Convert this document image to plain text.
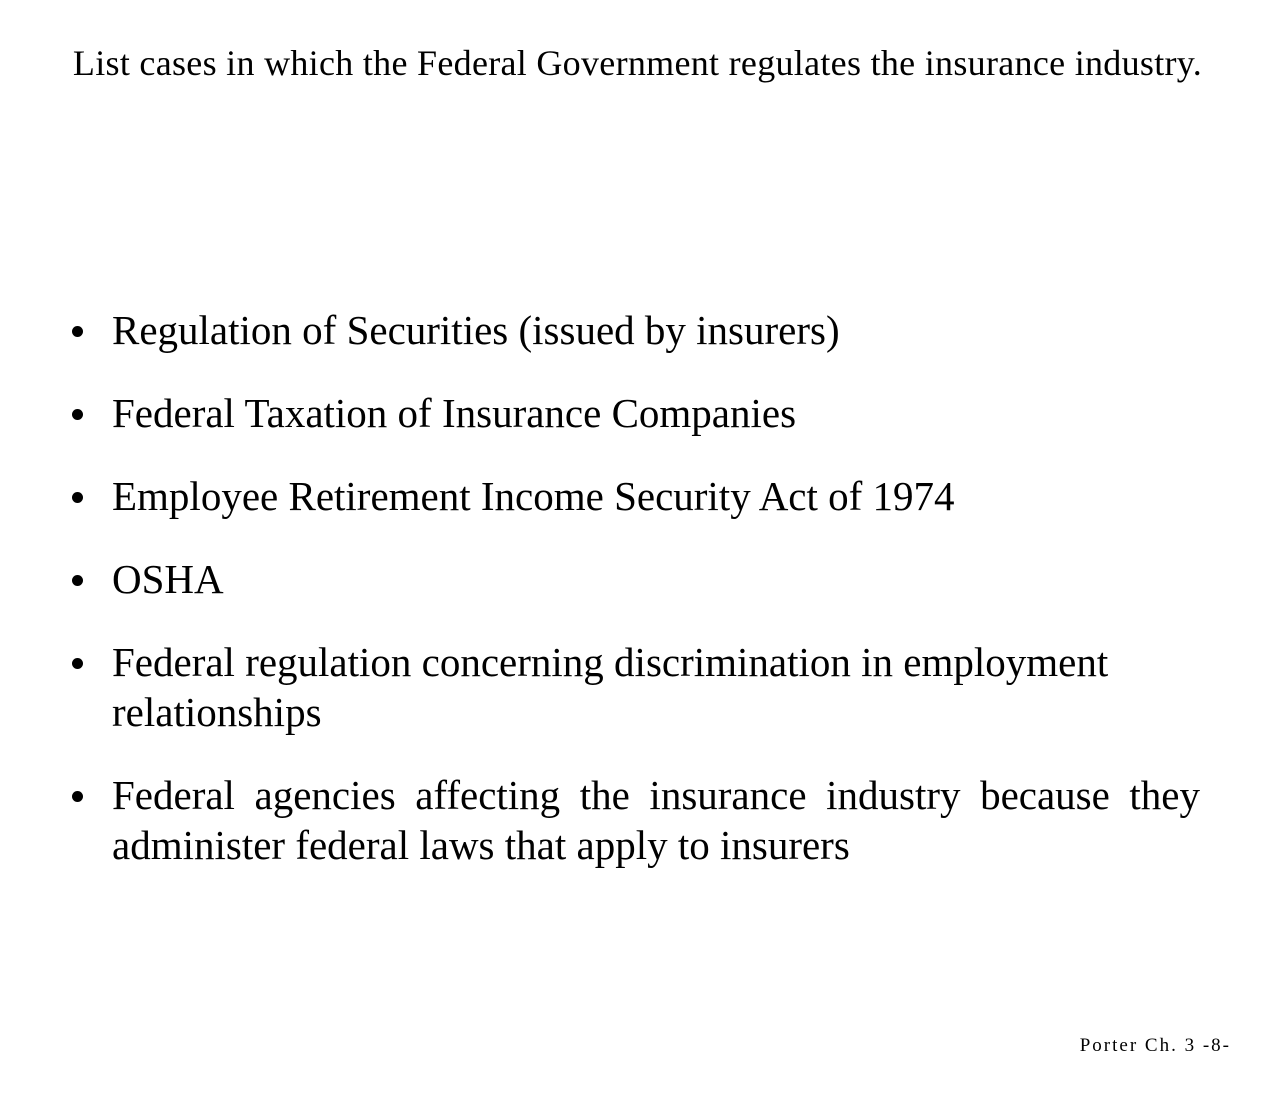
List cases in which the Federal Government regulates the insurance industry.
Regulation of Securities (issued by insurers)
Federal Taxation of Insurance Companies
Employee Retirement Income Security Act of 1974
OSHA
Federal regulation concerning discrimination in employment relationships
Federal agencies affecting the insurance industry because they administer federal laws that apply to insurers
Porter Ch. 3 -8-
